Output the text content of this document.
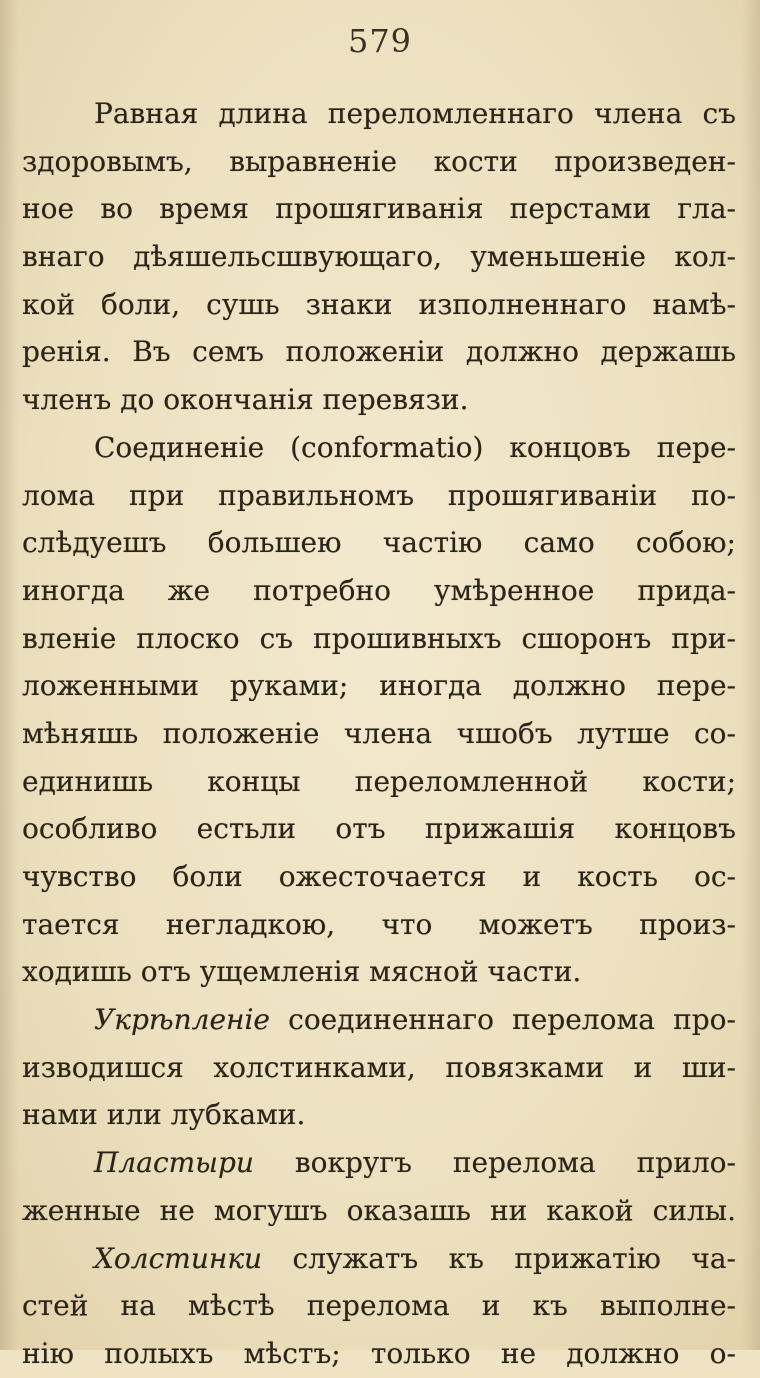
579
Равная длина переломленнаго члена съ
здоровымъ, выравненіе кости произведен-
ное во время прошягиванія перстами гла-
внаго дѣяшельсшвующаго, уменьшеніе кол-
кой боли, сушь знаки изполненнаго намѣ-
ренія. Въ семъ положеніи должно держашь
членъ до окончанія перевязи.
Соединеніе (conformatio) концовъ пере-
лома при правильномъ прошягиваніи по-
слѣдуешъ большею частію само собою;
иногда же потребно умѣренное прида-
вленіе плоско съ прошивныхъ сшоронъ при-
ложенными руками; иногда должно пере-
мѣняшь положеніе члена чшобъ лутше со-
единишь концы переломленной кости;
особливо естьли отъ прижашія концовъ
чувство боли ожесточается и кость ос-
тается негладкою, что можетъ произ-
ходишь отъ ущемленія мясной части.
Укрѣпленіе соединеннаго перелома про-
изводишся холстинками, повязками и ши-
нами или лубками.
Пластыри вокругъ перелома прило-
женные не могушъ оказашь ни какой силы.
Холстинки служатъ къ прижатію ча-
стей на мѣстѣ перелома и къ выполне-
нію полыхъ мѣстъ; только не должно о-
